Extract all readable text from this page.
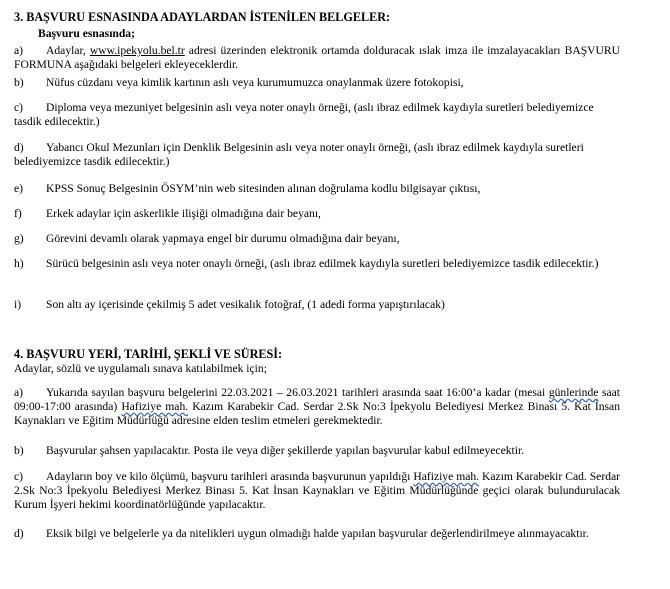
3. BAŞVURU ESNASINDA ADAYLARDAN İSTENİLEN BELGELER:
Başvuru esnasında;
a) Adaylar, www.ipekyolu.bel.tr adresi üzerinden elektronik ortamda dolduracak ıslak imza ile imzalayacakları BAŞVURU FORMUNA aşağıdaki belgeleri ekleyeceklerdir.
b) Nüfus cüzdanı veya kimlik kartının aslı veya kurumumuzca onaylanmak üzere fotokopisi,
c) Diploma veya mezuniyet belgesinin aslı veya noter onaylı örneği, (aslı ibraz edilmek kaydıyla suretleri belediyemizce tasdik edilecektir.)
d) Yabancı Okul Mezunları için Denklik Belgesinin aslı veya noter onaylı örneği, (aslı ibraz edilmek kaydıyla suretleri belediyemizce tasdik edilecektir.)
e) KPSS Sonuç Belgesinin ÖSYM’nin web sitesinden alınan doğrulama kodlu bilgisayar çıktısı,
f) Erkek adaylar için askerlikle ilişiği olmadığına dair beyanı,
g) Görevini devamlı olarak yapmaya engel bir durumu olmadığına dair beyanı,
h) Sürücü belgesinin aslı veya noter onaylı örneği, (aslı ibraz edilmek kaydıyla suretleri belediyemizce tasdik edilecektir.)
i) Son altı ay içerisinde çekilmiş 5 adet vesikalık fotoğraf, (1 adedi forma yapıştırılacak)
4. BAŞVURU YERİ, TARİHİ, ŞEKLİ VE SÜRESİ:
Adaylar, sözlü ve uygulamalı sınava katılabilmek için;
a) Yukarıda sayılan başvuru belgelerini 22.03.2021 – 26.03.2021 tarihleri arasında saat 16:00’a kadar (mesai günlerinde saat 09:00-17:00 arasında) Hafiziye mah. Kazım Karabekir Cad. Serdar 2.Sk No:3 İpekyolu Belediyesi Merkez Binası 5. Kat İnsan Kaynakları ve Eğitim Müdürlüğü adresine elden teslim etmeleri gerekmektedir.
b) Başvurular şahsen yapılacaktır. Posta ile veya diğer şekillerde yapılan başvurular kabul edilmeyecektir.
c) Adayların boy ve kilo ölçümü, başvuru tarihleri arasında başvurunun yapıldığı Hafiziye mah. Kazım Karabekir Cad. Serdar 2.Sk No:3 İpekyolu Belediyesi Merkez Binası 5. Kat İnsan Kaynakları ve Eğitim Müdürlüğünde geçici olarak bulundurulacak Kurum İşyeri hekimi koordinatörlüğünde yapılacaktır.
d) Eksik bilgi ve belgelerle ya da nitelikleri uygun olmadığı halde yapılan başvurular değerlendirilmeye alınmayacaktır.
